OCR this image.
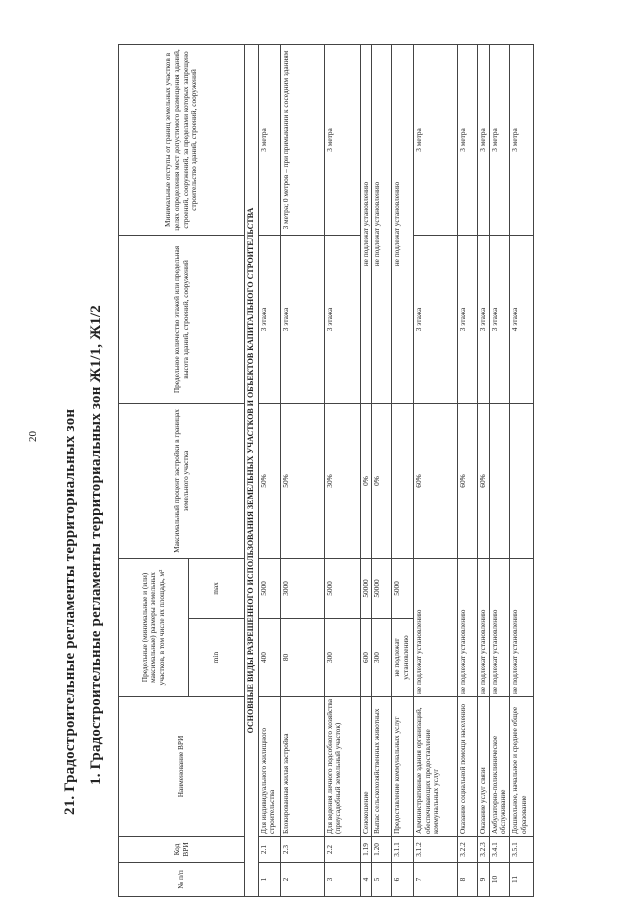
20 21. Градостроительные регламенты территориальных зон 1. Градостроительные регламенты территориальных зон Ж1/1, Ж1/2
№ п/п	Код ВРИ	Наименование ВРИ	Предельные (минимальные и (или) максимальные) размеры земельных участков, в том числе их площадь, м²		Максимальный процент застройки в границах земельного участка	Предельное количество этажей или предельная высота зданий, строений, сооружений	Минимальные отступы от границ земельных участков в целях определения мест допустимого размещения зданий, строений, сооружений, за пределами которых запрещено строительство зданий, строений, сооружений
			min	max			
ОСНОВНЫЕ ВИДЫ РАЗРЕШЕННОГО ИСПОЛЬЗОВАНИЯ ЗЕМЕЛЬНЫХ УЧАСТКОВ И ОБЪЕКТОВ КАПИТАЛЬНОГО СТРОИТЕЛЬСТВА							
1	2.1	Для индивидуального жилищного строительства	400	5000	50%	3 этажа	3 метра
2	2.3	Блокированная жилая застройка	80	3000	50%	3 этажа	3 метра; 0 метров – при примыкании к соседним зданиям
3	2.2	Для ведения личного подсобного хозяйства (приусадебный земельный участок)	300	5000	30%	3 этажа	3 метра
4	1.19	Сенокошение	600	50000	0%	не подлежат установлению	
5	1.20	Выпас сельскохозяйственных животных	300	50000	0%	не подлежат установлению	
6	3.1.1	Предоставление коммунальных услуг	не подлежат установлению	5000		не подлежат установлению	
7	3.1.2	Административные здания организаций, обеспечивающих предоставление коммунальных услуг	не подлежат установлению		60%	3 этажа	3 метра
8	3.2.2	Оказание социальной помощи населению	не подлежат установлению		60%	3 этажа	3 метра
9	3.2.3	Оказание услуг связи	не подлежат установлению		60%	3 этажа	3 метра
10	3.4.1	Амбулаторно-поликлиническое обслуживание	не подлежат установлению			3 этажа	3 метра
11	3.5.1	Дошкольное, начальное и среднее общее образование	не подлежат установлению			4 этажа	3 метра
